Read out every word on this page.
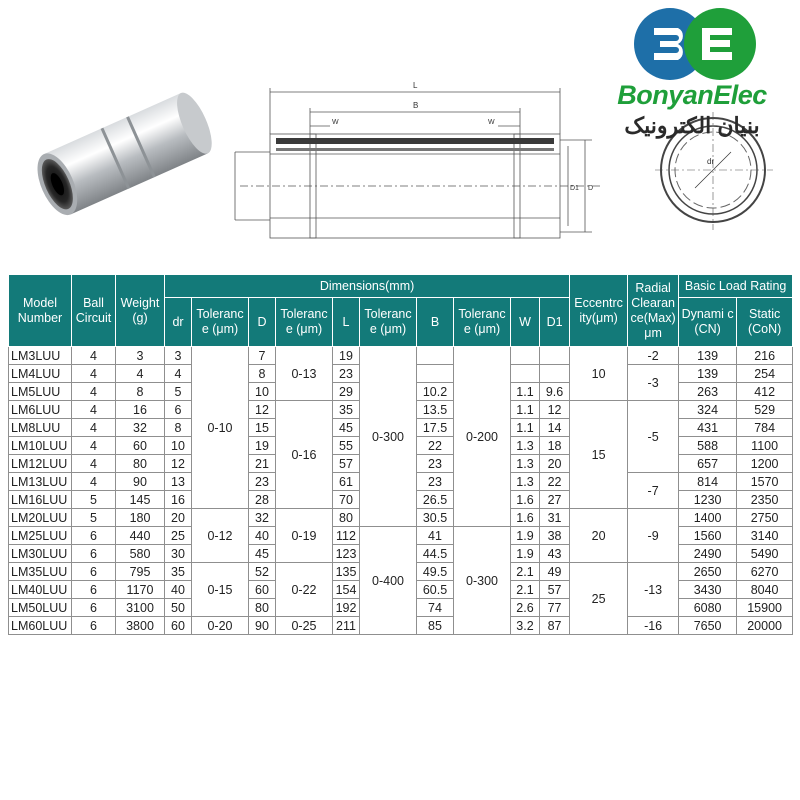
L
B
W	W
D
D1
dr
BonyanElec
بنیان الکترونیک
Model Number	Ball Circuit	Weight (g)	Dimensions(mm)										Eccentrc ity(μm)	Radial Clearan ce(Max) μm	Basic Load Rating	
			dr	Toleranc e (μm)	D	Toleranc e (μm)	L	Toleranc e (μm)	B	Toleranc e (μm)	W	D1			Dynami c (CN)	Static (CoN)
LM3LUU	4	3	3	0-10	7	0-13	19	0-300		0-200			10	-2	139	216
LM4LUU	4	4	4		8		23							-3	139	254
LM5LUU	4	8	5		10		29		10.2		1.1	9.6			263	412
LM6LUU	4	16	6		12	0-16	35		13.5		1.1	12	15	-5	324	529
LM8LUU	4	32	8		15		45		17.5		1.1	14			431	784
LM10LUU	4	60	10		19		55		22		1.3	18			588	1100
LM12LUU	4	80	12		21		57		23		1.3	20			657	1200
LM13LUU	4	90	13		23		61		23		1.3	22		-7	814	1570
LM16LUU	5	145	16		28		70		26.5		1.6	27			1230	2350
LM20LUU	5	180	20	0-12	32	0-19	80		30.5		1.6	31	20	-9	1400	2750
LM25LUU	6	440	25		40		112	0-400	41	0-300	1.9	38			1560	3140
LM30LUU	6	580	30		45		123		44.5		1.9	43			2490	5490
LM35LUU	6	795	35	0-15	52	0-22	135		49.5		2.1	49	25	-13	2650	6270
LM40LUU	6	1170	40		60		154		60.5		2.1	57			3430	8040
LM50LUU	6	3100	50		80		192		74		2.6	77			6080	15900
LM60LUU	6	3800	60	0-20	90	0-25	211		85		3.2	87		-16	7650	20000
